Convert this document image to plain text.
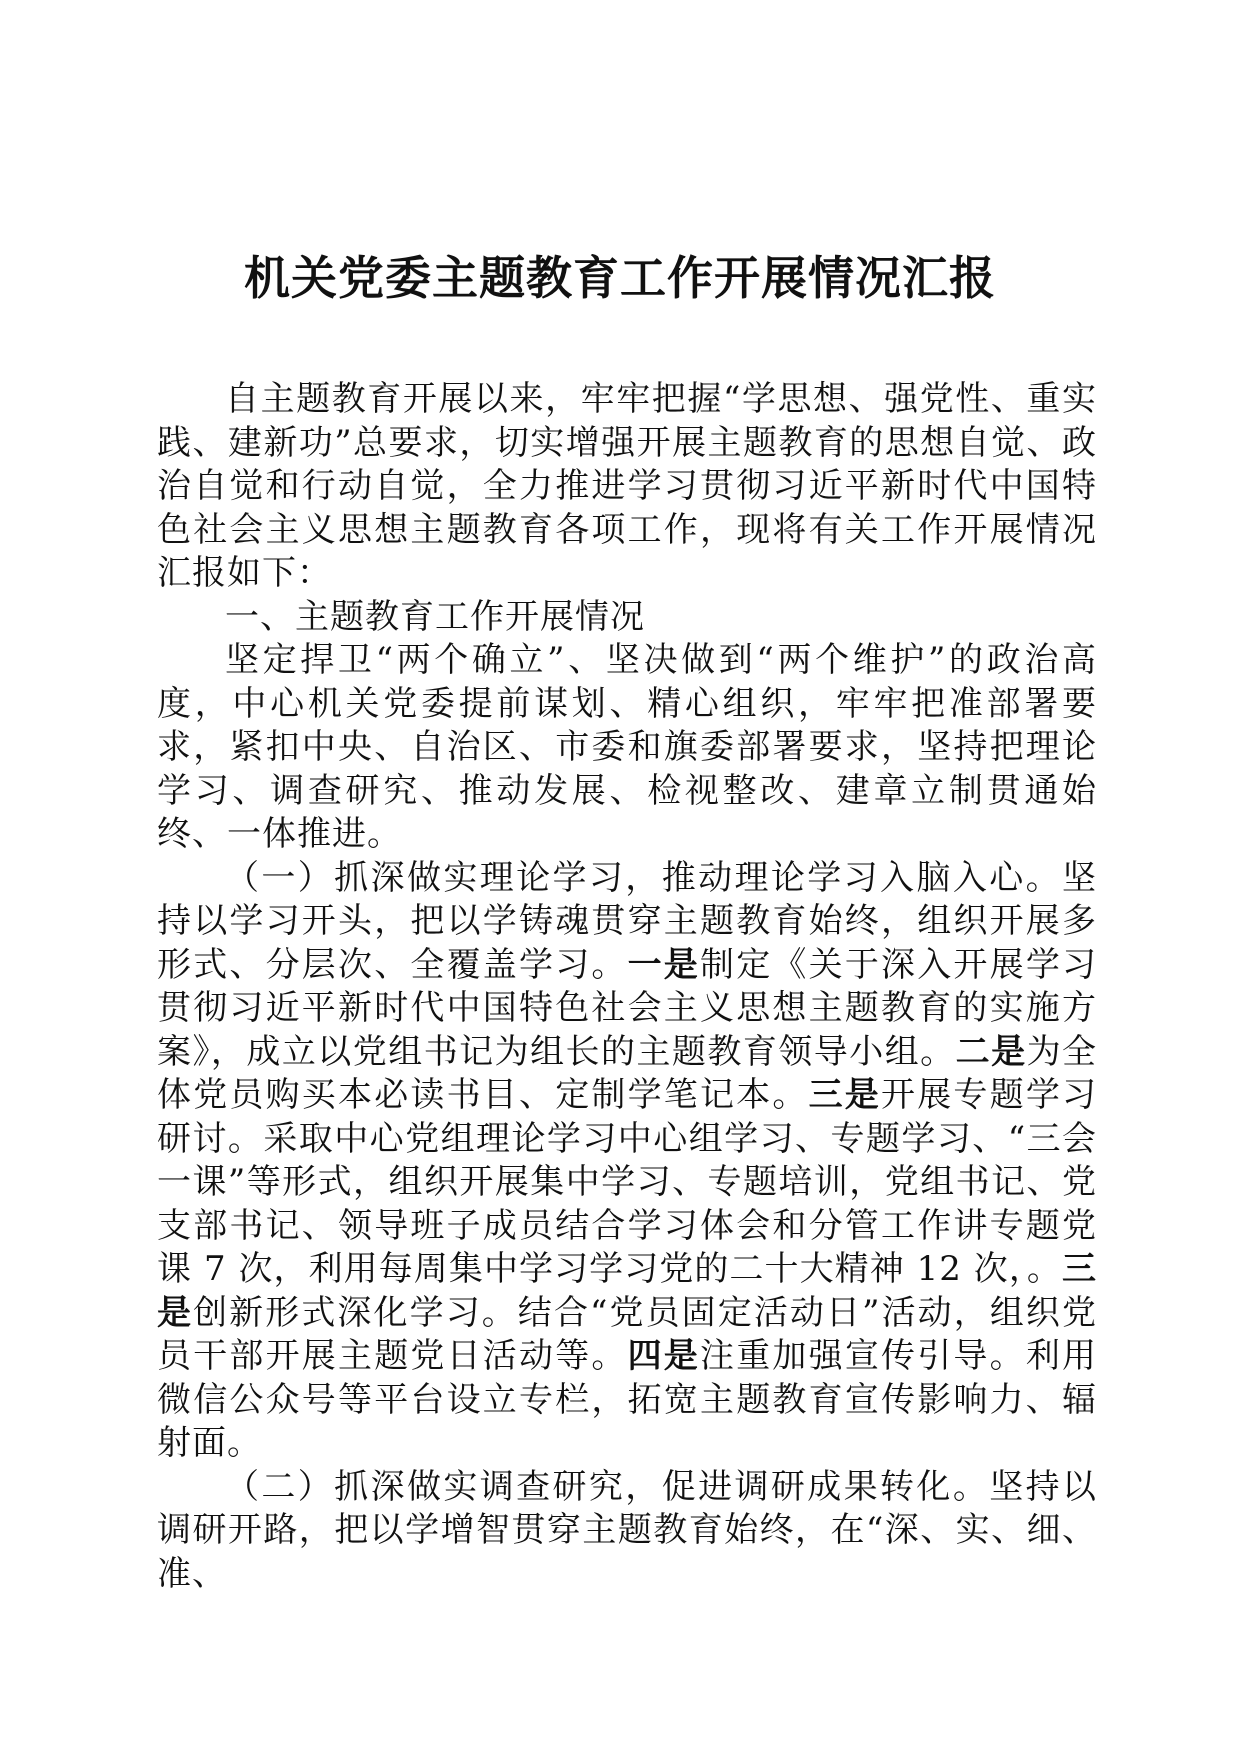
机关党委主题教育工作开展情况汇报

自主题教育开展以来，牢牢把握“学思想、强党性、重实践、建新功”总要求，切实增强开展主题教育的思想自觉、政治自觉和行动自觉，全力推进学习贯彻习近平新时代中国特色社会主义思想主题教育各项工作，现将有关工作开展情况汇报如下：

一、主题教育工作开展情况

坚定捍卫“两个确立”、坚决做到“两个维护”的政治高度，中心机关党委提前谋划、精心组织，牢牢把准部署要求，紧扣中央、自治区、市委和旗委部署要求，坚持把理论学习、调查研究、推动发展、检视整改、建章立制贯通始终、一体推进。

（一）抓深做实理论学习，推动理论学习入脑入心。坚持以学习开头，把以学铸魂贯穿主题教育始终，组织开展多形式、分层次、全覆盖学习。一是制定《关于深入开展学习贯彻习近平新时代中国特色社会主义思想主题教育的实施方案》，成立以党组书记为组长的主题教育领导小组。二是为全体党员购买本必读书目、定制学笔记本。三是开展专题学习研讨。采取中心党组理论学习中心组学习、专题学习、“三会一课”等形式，组织开展集中学习、专题培训，党组书记、党支部书记、领导班子成员结合学习体会和分管工作讲专题党课 7 次，利用每周集中学习学习党的二十大精神 12 次，。三是创新形式深化学习。结合“党员固定活动日”活动，组织党员干部开展主题党日活动等。四是注重加强宣传引导。利用微信公众号等平台设立专栏，拓宽主题教育宣传影响力、辐射面。

（二）抓深做实调查研究，促进调研成果转化。坚持以调研开路，把以学增智贯穿主题教育始终，在“深、实、细、准、
